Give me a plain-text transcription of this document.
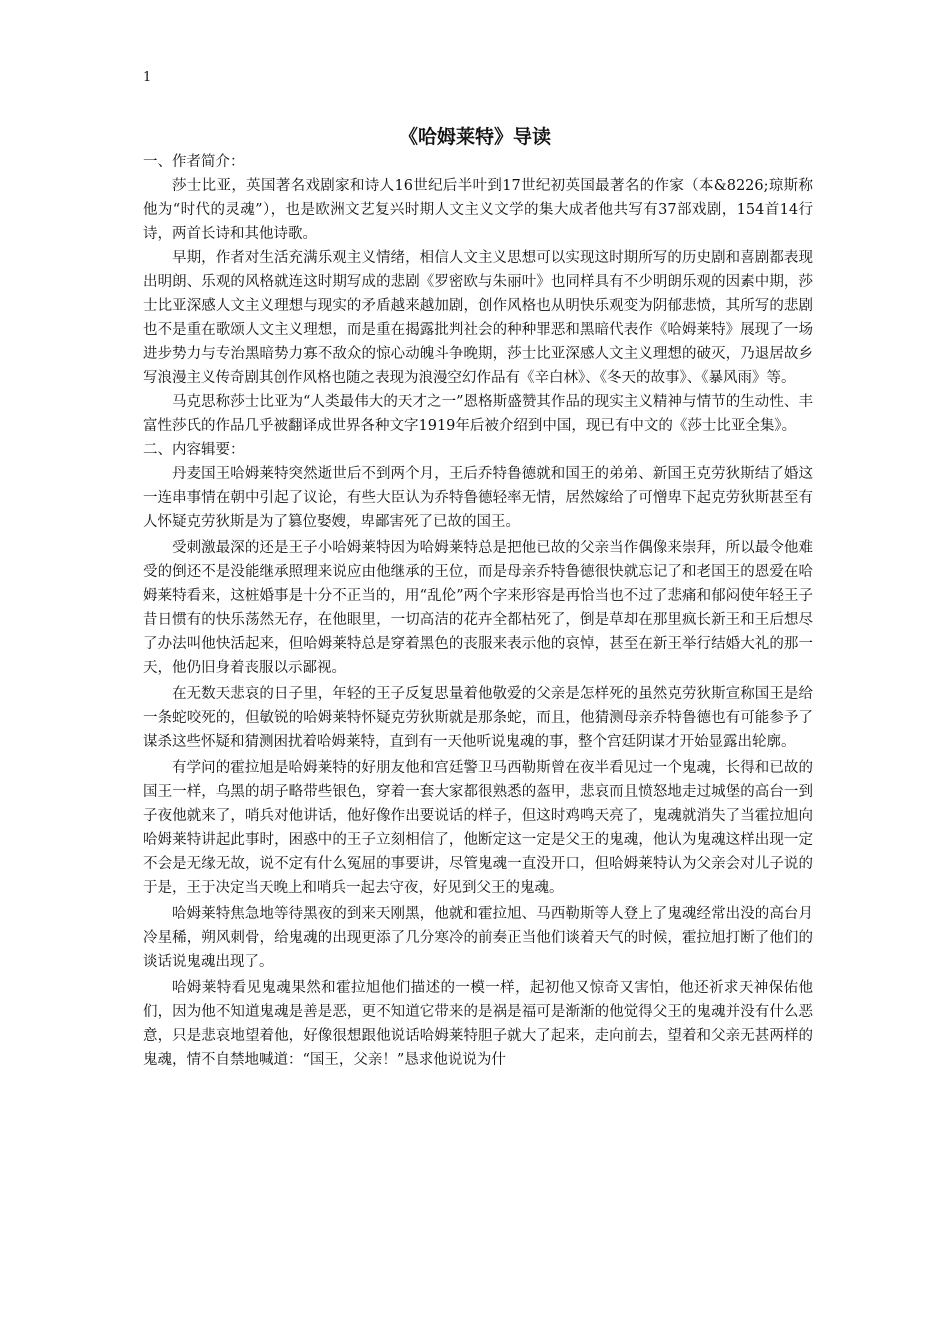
1
《哈姆莱特》导读

一、作者简介：

莎士比亚，英国著名戏剧家和诗人16世纪后半叶到17世纪初英国最著名的作家（本&8226;琼斯称他为“时代的灵魂”），也是欧洲文艺复兴时期人文主义文学的集大成者他共写有37部戏剧，154首14行诗，两首长诗和其他诗歌。

早期，作者对生活充满乐观主义情绪，相信人文主义思想可以实现这时期所写的历史剧和喜剧都表现出明朗、乐观的风格就连这时期写成的悲剧《罗密欧与朱丽叶》也同样具有不少明朗乐观的因素中期，莎士比亚深感人文主义理想与现实的矛盾越来越加剧，创作风格也从明快乐观变为阴郁悲愤，其所写的悲剧也不是重在歌颂人文主义理想，而是重在揭露批判社会的种种罪恶和黑暗代表作《哈姆莱特》展现了一场进步势力与专治黑暗势力寡不敌众的惊心动魄斗争晚期，莎士比亚深感人文主义理想的破灭，乃退居故乡写浪漫主义传奇剧其创作风格也随之表现为浪漫空幻作品有《辛白林》、《冬天的故事》、《暴风雨》等。

马克思称莎士比亚为“人类最伟大的天才之一”恩格斯盛赞其作品的现实主义精神与情节的生动性、丰富性莎氏的作品几乎被翻译成世界各种文字1919年后被介绍到中国，现已有中文的《莎士比亚全集》。

二、内容辑要：

丹麦国王哈姆莱特突然逝世后不到两个月，王后乔特鲁德就和国王的弟弟、新国王克劳狄斯结了婚这一连串事情在朝中引起了议论，有些大臣认为乔特鲁德轻率无情，居然嫁给了可憎卑下起克劳狄斯甚至有人怀疑克劳狄斯是为了篡位娶嫂，卑鄙害死了已故的国王。

受刺激最深的还是王子小哈姆莱特因为哈姆莱特总是把他已故的父亲当作偶像来崇拜，所以最令他难受的倒还不是没能继承照理来说应由他继承的王位，而是母亲乔特鲁德很快就忘记了和老国王的恩爱在哈姆莱特看来，这桩婚事是十分不正当的，用“乱伦”两个字来形容是再恰当也不过了悲痛和郁闷使年轻王子昔日惯有的快乐荡然无存，在他眼里，一切高洁的花卉全都枯死了，倒是草却在那里疯长新王和王后想尽了办法叫他快活起来，但哈姆莱特总是穿着黑色的丧服来表示他的哀悼，甚至在新王举行结婚大礼的那一天，他仍旧身着丧服以示鄙视。

在无数天悲哀的日子里，年轻的王子反复思量着他敬爱的父亲是怎样死的虽然克劳狄斯宣称国王是给一条蛇咬死的，但敏锐的哈姆莱特怀疑克劳狄斯就是那条蛇，而且，他猜测母亲乔特鲁德也有可能参予了谋杀这些怀疑和猜测困扰着哈姆莱特，直到有一天他听说鬼魂的事，整个宫廷阴谋才开始显露出轮廓。

有学问的霍拉旭是哈姆莱特的好朋友他和宫廷警卫马西勒斯曾在夜半看见过一个鬼魂，长得和已故的国王一样，乌黑的胡子略带些银色，穿着一套大家都很熟悉的盔甲，悲哀而且愤怒地走过城堡的高台一到子夜他就来了，哨兵对他讲话，他好像作出要说话的样子，但这时鸡鸣天亮了，鬼魂就消失了当霍拉旭向哈姆莱特讲起此事时，困惑中的王子立刻相信了，他断定这一定是父王的鬼魂，他认为鬼魂这样出现一定不会是无缘无故，说不定有什么冤屈的事要讲，尽管鬼魂一直没开口，但哈姆莱特认为父亲会对儿子说的于是，王于决定当天晚上和哨兵一起去守夜，好见到父王的鬼魂。

哈姆莱特焦急地等待黑夜的到来天刚黑，他就和霍拉旭、马西勒斯等人登上了鬼魂经常出没的高台月冷星稀，朔风刺骨，给鬼魂的出现更添了几分寒冷的前奏正当他们谈着天气的时候，霍拉旭打断了他们的谈话说鬼魂出现了。

哈姆莱特看见鬼魂果然和霍拉旭他们描述的一模一样，起初他又惊奇又害怕，他还祈求天神保佑他们，因为他不知道鬼魂是善是恶，更不知道它带来的是祸是福可是渐渐的他觉得父王的鬼魂并没有什么恶意，只是悲哀地望着他，好像很想跟他说话哈姆莱特胆子就大了起来，走向前去，望着和父亲无甚两样的鬼魂，情不自禁地喊道：“国王，父亲！”恳求他说说为什
